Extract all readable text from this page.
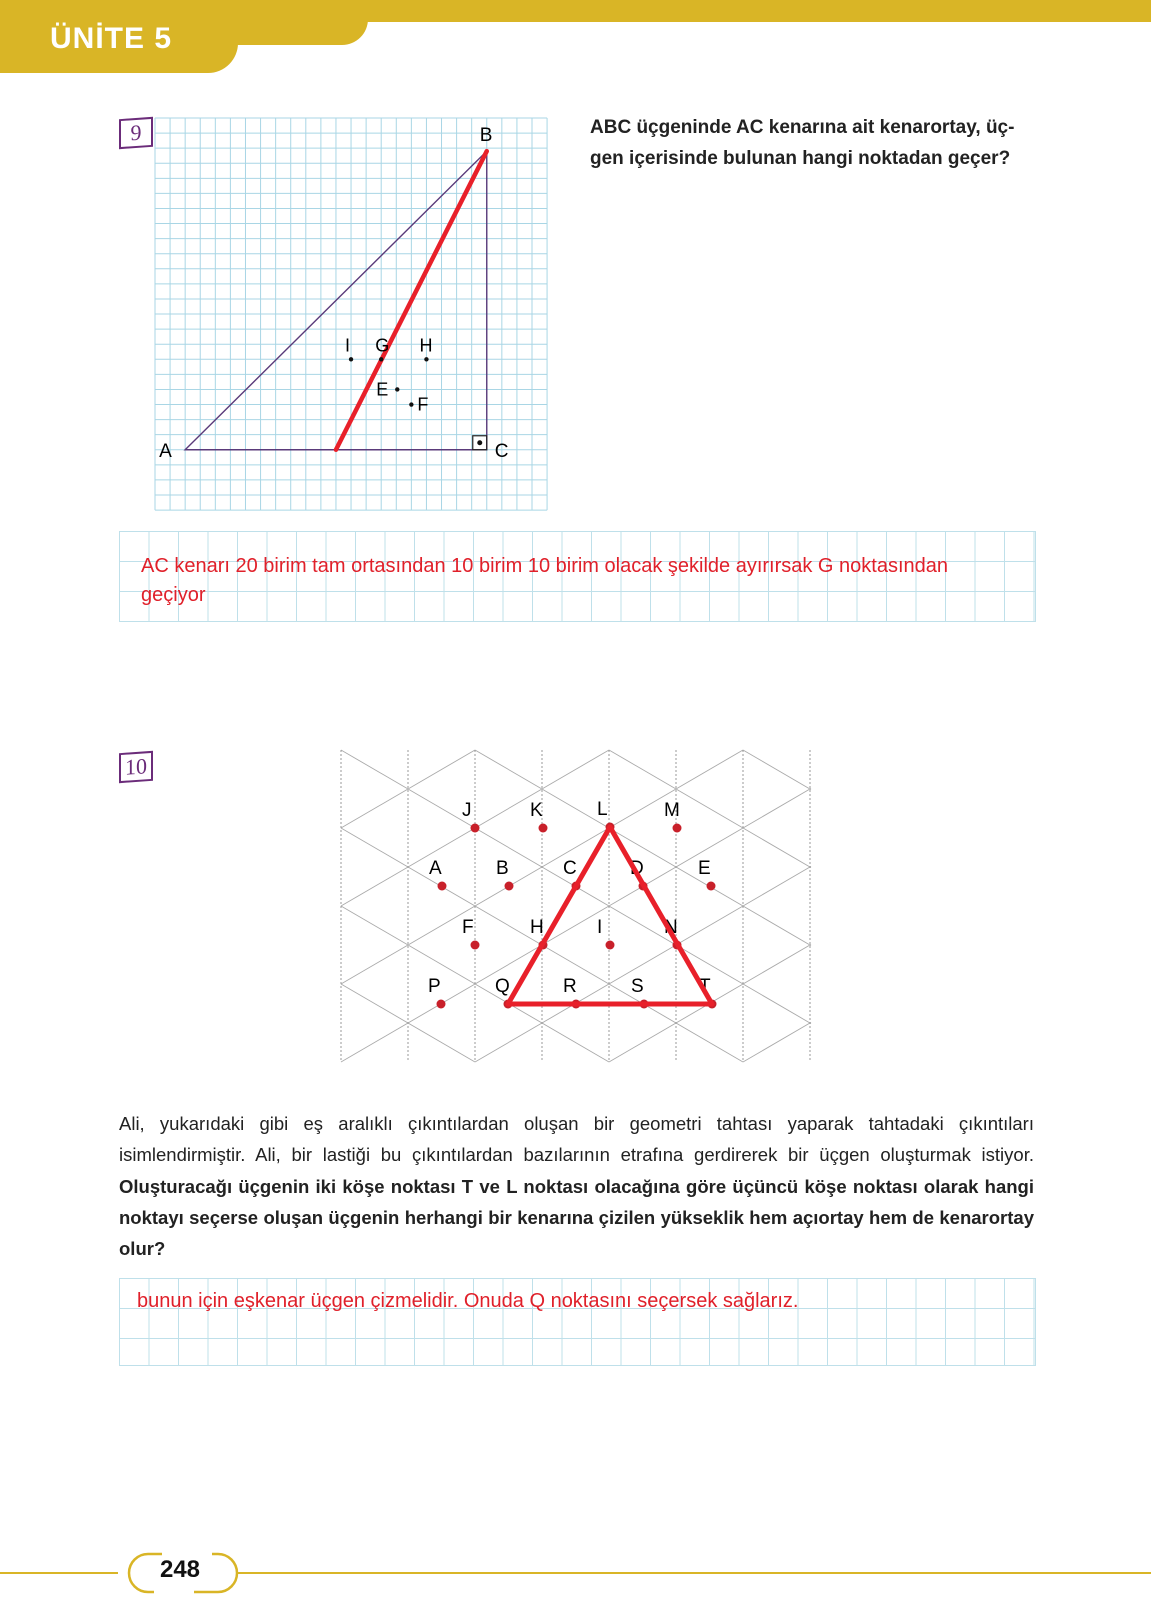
ÜNİTE 5
9
A
B
C
I G H
E
F
ABC üçgeninde AC kenarına ait kenarortay, üç-
gen içerisinde bulunan hangi noktadan geçer?
AC kenarı 20 birim tam ortasından 10 birim 10 birim olacak şekilde ayırırsak G noktasından
geçiyor
10
J	K	L	M
A	B	C	D	E
F	H	I	N
P	Q	R	S	T
Ali, yukarıdaki gibi eş aralıklı çıkıntılardan oluşan bir geometri tahtası yaparak tahtadaki çıkıntıları isimlendirmiştir. Ali, bir lastiği bu çıkıntılardan bazılarının etrafına gerdirerek bir üçgen oluşturmak istiyor. Oluşturacağı üçgenin iki köşe noktası T ve L noktası olacağına göre üçüncü köşe noktası olarak hangi noktayı seçerse oluşan üçgenin herhangi bir kenarına çizilen yükseklik hem açıortay hem de kenarortay olur?
bunun için eşkenar üçgen çizmelidir. Onuda Q noktasını seçersek sağlarız.
248
